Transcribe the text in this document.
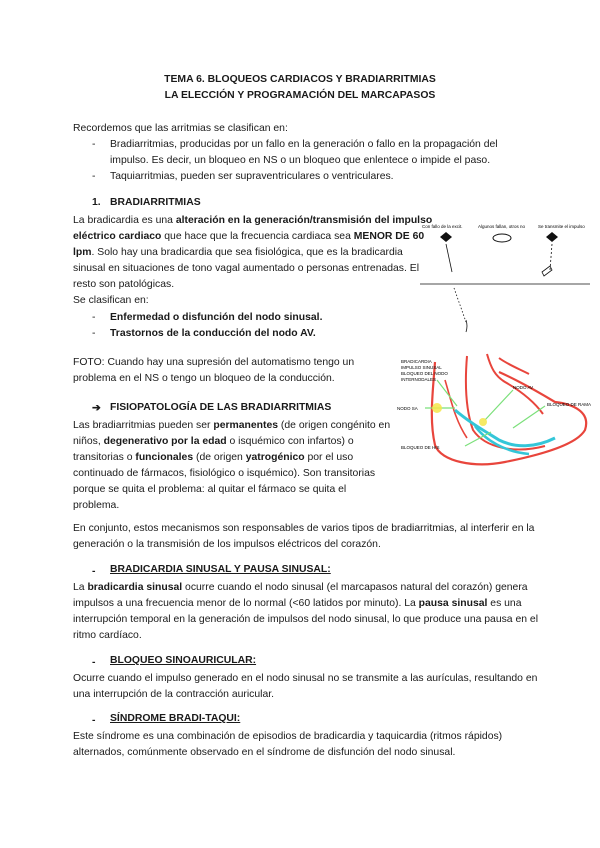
TEMA 6. BLOQUEOS CARDIACOS Y BRADIARRITMIAS
LA ELECCIÓN Y PROGRAMACIÓN DEL MARCAPASOS
Recordemos que las arritmias se clasifican en:
- Bradiarritmias, producidas por un fallo en la generación o fallo en la propagación del
impulso. Es decir, un bloqueo en NS o un bloqueo que enlentece o impide el paso.
- Taquiarritmias, pueden ser supraventriculares o ventriculares.
1. BRADIARRITMIAS
La bradicardia es una alteración en la generación/transmisión del impulso
eléctrico cardiaco que hace que la frecuencia cardiaca sea MENOR DE 60
lpm. Solo hay una bradicardia que sea fisiológica, que es la bradicardia
sinusal en situaciones de tono vagal aumentado o personas entrenadas. El
resto son patológicas.
Se clasifican en:
- Enfermedad o disfunción del nodo sinusal.
- Trastornos de la conducción del nodo AV.
FOTO: Cuando hay una supresión del automatismo tengo un
problema en el NS o tengo un bloqueo de la conducción.
Con fallo de la excit.	Algunos fallan, otros no	Se transmite el impulso
BRADICARDIA
IMPULSO SINUSAL
BLOQUEO DEL NODO
INTERNODALES
NODO SA
NODO AV
BLOQUEO DE RAMA
BLOQUEO DE HIS
➔ FISIOPATOLOGÍA DE LAS BRADIARRITMIAS
Las bradiarritmias pueden ser permanentes (de origen congénito en
niños, degenerativo por la edad o isquémico con infartos) o
transitorias o funcionales (de origen yatrogénico por el uso
continuado de fármacos, fisiológico o isquémico). Son transitorias
porque se quita el problema: al quitar el fármaco se quita el
problema.
En conjunto, estos mecanismos son responsables de varios tipos de bradiarritmias, al interferir en la
generación o la transmisión de los impulsos eléctricos del corazón.
- BRADICARDIA SINUSAL Y PAUSA SINUSAL:
La bradicardia sinusal ocurre cuando el nodo sinusal (el marcapasos natural del corazón) genera
impulsos a una frecuencia menor de lo normal (<60 latidos por minuto). La pausa sinusal es una
interrupción temporal en la generación de impulsos del nodo sinusal, lo que produce una pausa en el
ritmo cardíaco.
- BLOQUEO SINOAURICULAR:
Ocurre cuando el impulso generado en el nodo sinusal no se transmite a las aurículas, resultando en
una interrupción de la contracción auricular.
- SÍNDROME BRADI-TAQUI:
Este síndrome es una combinación de episodios de bradicardia y taquicardia (ritmos rápidos)
alternados, comúnmente observado en el síndrome de disfunción del nodo sinusal.
